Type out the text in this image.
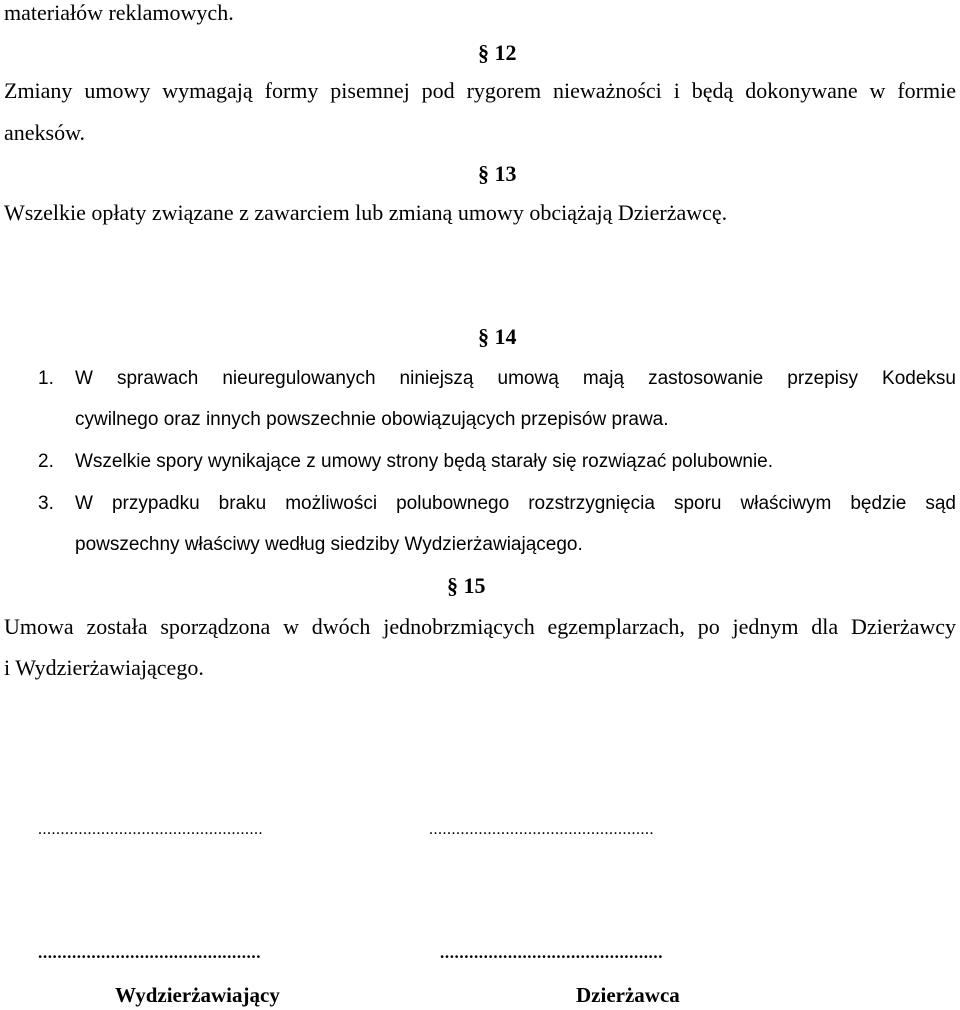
materiałów reklamowych.
§ 12
Zmiany umowy wymagają formy pisemnej pod rygorem nieważności i będą dokonywane w formie
aneksów.
§ 13
Wszelkie opłaty związane z zawarciem lub zmianą umowy obciążają Dzierżawcę.
§ 14
1. W sprawach nieuregulowanych niniejszą umową mają zastosowanie przepisy Kodeksu
cywilnego oraz innych powszechnie obowiązujących przepisów prawa.
2. Wszelkie spory wynikające z umowy strony będą starały się rozwiązać polubownie.
3. W przypadku braku możliwości polubownego rozstrzygnięcia sporu właściwym będzie sąd
powszechny właściwy według siedziby Wydzierżawiającego.
§ 15
Umowa została sporządzona w dwóch jednobrzmiących egzemplarzach, po jednym dla Dzierżawcy
i Wydzierżawiającego.
..................................................	..................................................
..............................................	..............................................
Wydzierżawiający	Dzierżawca
